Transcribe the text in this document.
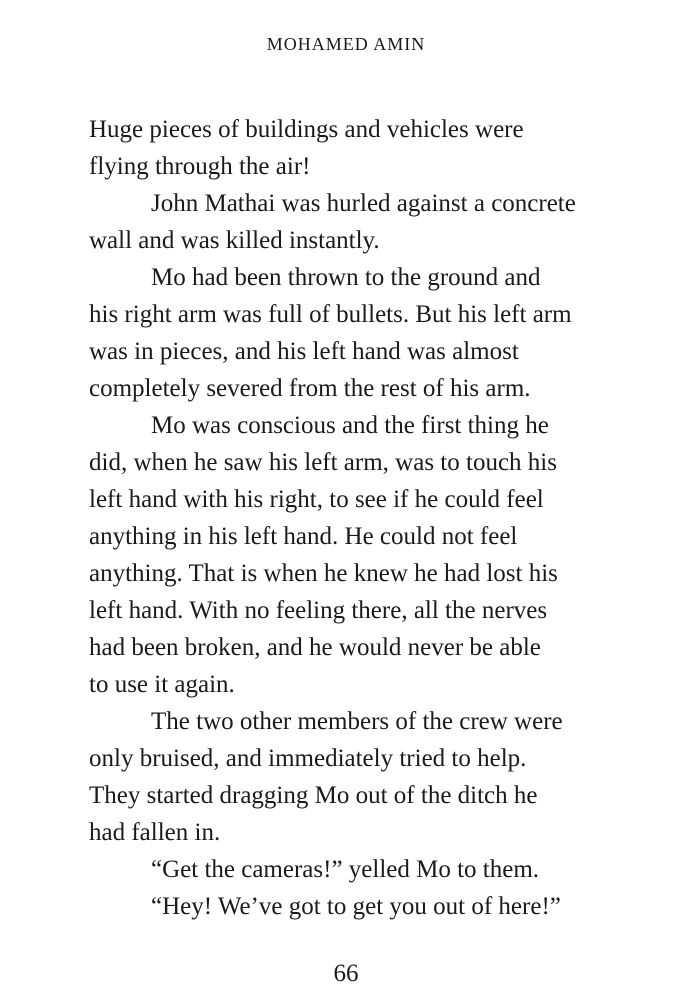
MOHAMED AMIN
Huge pieces of buildings and vehicles were
flying through the air!
John Mathai was hurled against a concrete
wall and was killed instantly.
Mo had been thrown to the ground and
his right arm was full of bullets. But his left arm
was in pieces, and his left hand was almost
completely severed from the rest of his arm.
Mo was conscious and the first thing he
did, when he saw his left arm, was to touch his
left hand with his right, to see if he could feel
anything in his left hand. He could not feel
anything. That is when he knew he had lost his
left hand. With no feeling there, all the nerves
had been broken, and he would never be able
to use it again.
The two other members of the crew were
only bruised, and immediately tried to help.
They started dragging Mo out of the ditch he
had fallen in.
“Get the cameras!” yelled Mo to them.
“Hey! We’ve got to get you out of here!”
66
